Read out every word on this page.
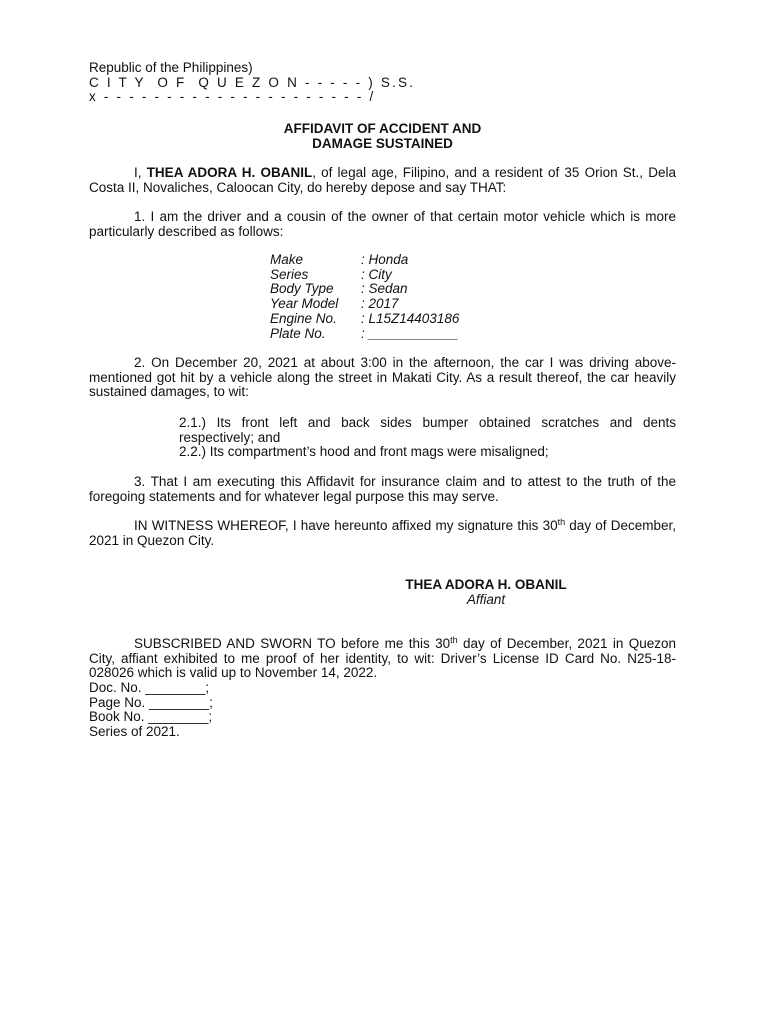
Republic of the Philippines)
C I T Y  O F  Q U E Z O N - - - - - ) S.S.
x - - - - - - - - - - - - - - - - - - - - - /
AFFIDAVIT OF ACCIDENT AND
DAMAGE SUSTAINED
I, THEA ADORA H. OBANIL, of legal age, Filipino, and a resident of 35 Orion St., Dela Costa II, Novaliches, Caloocan City, do hereby depose and say THAT:
1. I am the driver and a cousin of the owner of that certain motor vehicle which is more particularly described as follows:
Make	: Honda
Series	: City
Body Type	: Sedan
Year Model	: 2017
Engine No.	: L15Z14403186
Plate No.	: ____________
2. On December 20, 2021 at about 3:00 in the afternoon, the car I was driving above-mentioned got hit by a vehicle along the street in Makati City. As a result thereof, the car heavily sustained damages, to wit:
2.1.) Its front left and back sides bumper obtained scratches and dents respectively; and
2.2.) Its compartment’s hood and front mags were misaligned;
3. That I am executing this Affidavit for insurance claim and to attest to the truth of the foregoing statements and for whatever legal purpose this may serve.
IN WITNESS WHEREOF, I have hereunto affixed my signature this 30th day of December, 2021 in Quezon City.
THEA ADORA H. OBANIL
Affiant
SUBSCRIBED AND SWORN TO before me this 30th day of December, 2021 in Quezon City, affiant exhibited to me proof of her identity, to wit: Driver’s License ID Card No. N25-18-028026 which is valid up to November 14, 2022.
Doc. No. ________;
Page No. ________;
Book No. ________;
Series of 2021.
